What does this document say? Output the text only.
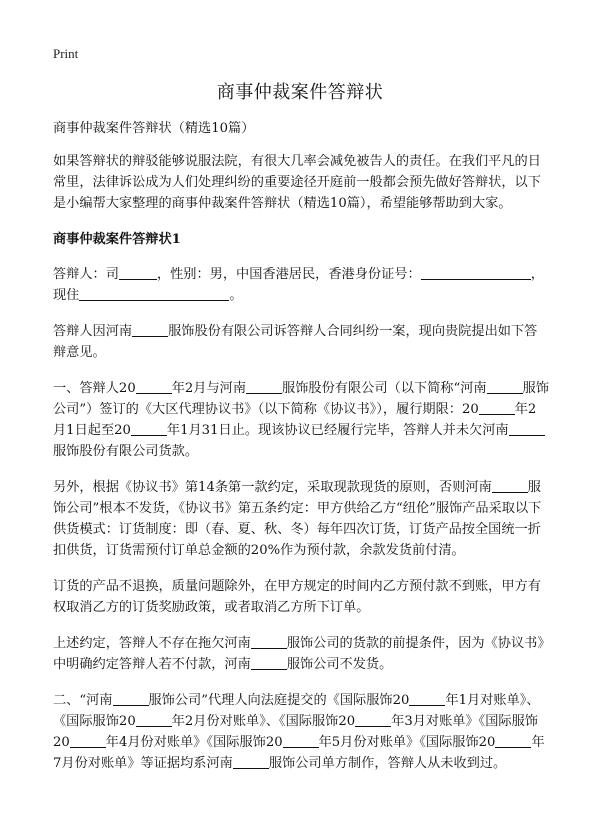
Print
商事仲裁案件答辩状

商事仲裁案件答辩状（精选10篇）

如果答辩状的辩驳能够说服法院，有很大几率会减免被告人的责任。在我们平凡的日常里，法律诉讼成为人们处理纠纷的重要途径开庭前一般都会预先做好答辩状，以下是小编帮大家整理的商事仲裁案件答辩状（精选10篇），希望能够帮助到大家。

商事仲裁案件答辩状1

答辩人：司	，性别：男，中国香港居民，香港身份证号：	，现住	。

答辩人因河南	服饰股份有限公司诉答辩人合同纠纷一案，现向贵院提出如下答辩意见。

一、答辩人20	年2月与河南	服饰股份有限公司（以下简称“河南	服饰公司”）签订的《大区代理协议书》（以下简称《协议书》），履行期限：20	年2月1日起至20	年1月31日止。现该协议已经履行完毕，答辩人并未欠河南服饰股份有限公司货款。

另外，根据《协议书》第14条第一款约定，采取现款现货的原则，否则河南	服饰公司”根本不发货，《协议书》第五条约定：甲方供给乙方“纽伦”服饰产品采取以下供货模式：订货制度：即（春、夏、秋、冬）每年四次订货，订货产品按全国统一折扣供货，订货需预付订单总金额的20%作为预付款，余款发货前付清。

订货的产品不退换，质量问题除外，在甲方规定的时间内乙方预付款不到账，甲方有权取消乙方的订货奖励政策，或者取消乙方所下订单。

上述约定，答辩人不存在拖欠河南	服饰公司的货款的前提条件，因为《协议书》中明确约定答辩人若不付款，河南	服饰公司不发货。

二、“河南	服饰公司”代理人向法庭提交的《国际服饰20	年1月对账单》、《国际服饰20	年2月份对账单》、《国际服饰20	年3月对账单》《国际服饰20	年4月份对账单》《国际服饰20	年5月份对账单》《国际服饰20	年7月份对账单》等证据均系河南	服饰公司单方制作，答辩人从未收到过。
